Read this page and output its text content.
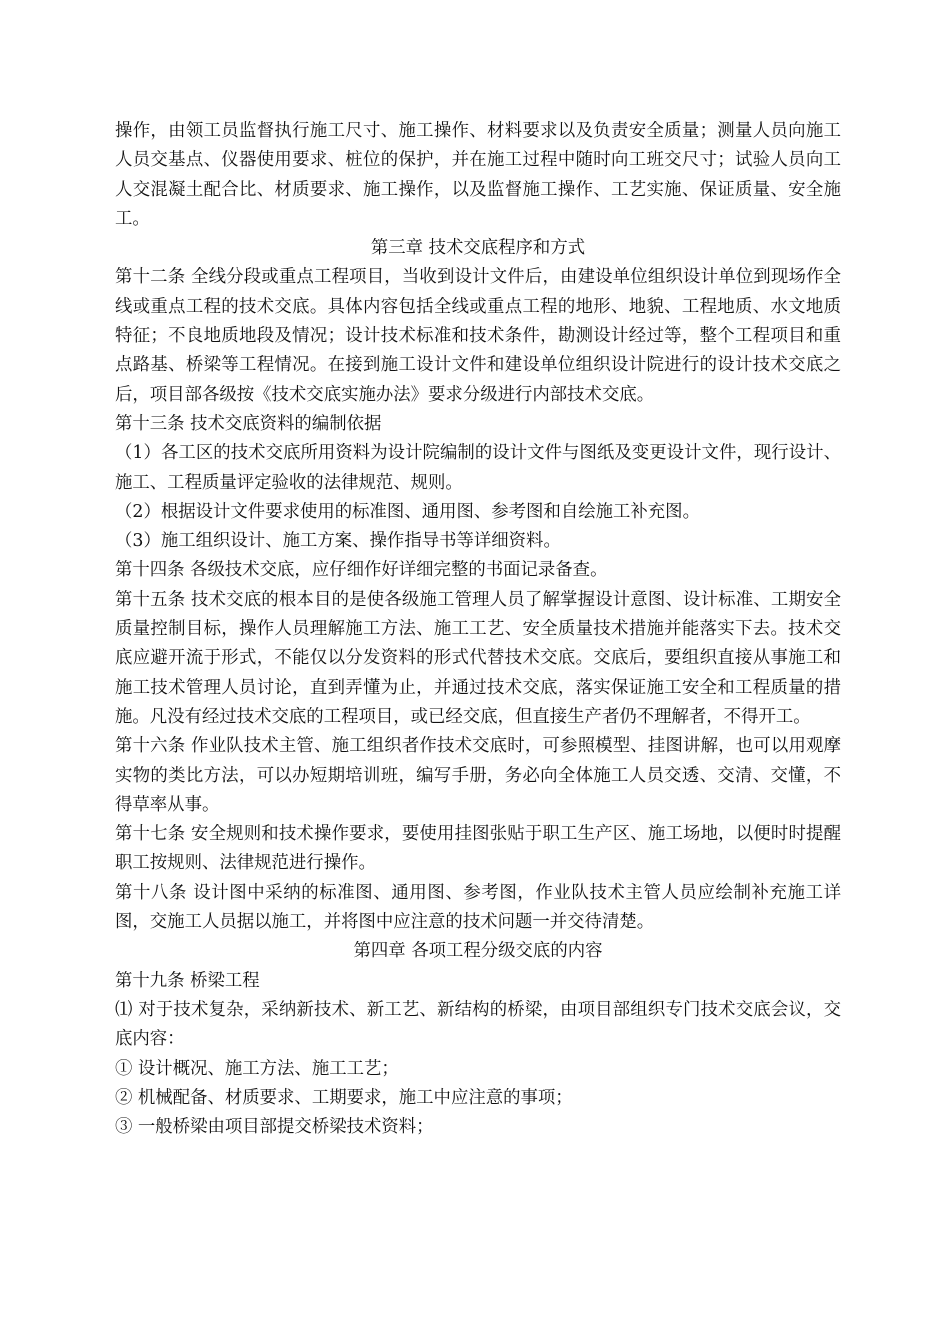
操作，由领工员监督执行施工尺寸、施工操作、材料要求以及负责安全质量；测量人员向施工人员交基点、仪器使用要求、桩位的保护，并在施工过程中随时向工班交尺寸；试验人员向工人交混凝土配合比、材质要求、施工操作，以及监督施工操作、工艺实施、保证质量、安全施工。

第三章 技术交底程序和方式

第十二条 全线分段或重点工程项目，当收到设计文件后，由建设单位组织设计单位到现场作全线或重点工程的技术交底。具体内容包括全线或重点工程的地形、地貌、工程地质、水文地质特征；不良地质地段及情况；设计技术标准和技术条件，勘测设计经过等，整个工程项目和重点路基、桥梁等工程情况。在接到施工设计文件和建设单位组织设计院进行的设计技术交底之后，项目部各级按《技术交底实施办法》要求分级进行内部技术交底。

第十三条 技术交底资料的编制依据

（1）各工区的技术交底所用资料为设计院编制的设计文件与图纸及变更设计文件，现行设计、施工、工程质量评定验收的法律规范、规则。

（2）根据设计文件要求使用的标准图、通用图、参考图和自绘施工补充图。

（3）施工组织设计、施工方案、操作指导书等详细资料。

第十四条 各级技术交底，应仔细作好详细完整的书面记录备查。

第十五条 技术交底的根本目的是使各级施工管理人员了解掌握设计意图、设计标准、工期安全质量控制目标，操作人员理解施工方法、施工工艺、安全质量技术措施并能落实下去。技术交底应避开流于形式，不能仅以分发资料的形式代替技术交底。交底后，要组织直接从事施工和施工技术管理人员讨论，直到弄懂为止，并通过技术交底，落实保证施工安全和工程质量的措施。凡没有经过技术交底的工程项目，或已经交底，但直接生产者仍不理解者，不得开工。

第十六条 作业队技术主管、施工组织者作技术交底时，可参照模型、挂图讲解，也可以用观摩实物的类比方法，可以办短期培训班，编写手册，务必向全体施工人员交透、交清、交懂，不得草率从事。

第十七条 安全规则和技术操作要求，要使用挂图张贴于职工生产区、施工场地，以便时时提醒职工按规则、法律规范进行操作。

第十八条 设计图中采纳的标准图、通用图、参考图，作业队技术主管人员应绘制补充施工详图，交施工人员据以施工，并将图中应注意的技术问题一并交待清楚。

第四章 各项工程分级交底的内容

第十九条 桥梁工程

⑴ 对于技术复杂，采纳新技术、新工艺、新结构的桥梁，由项目部组织专门技术交底会议，交底内容：

① 设计概况、施工方法、施工工艺；

② 机械配备、材质要求、工期要求，施工中应注意的事项；

③ 一般桥梁由项目部提交桥梁技术资料；
